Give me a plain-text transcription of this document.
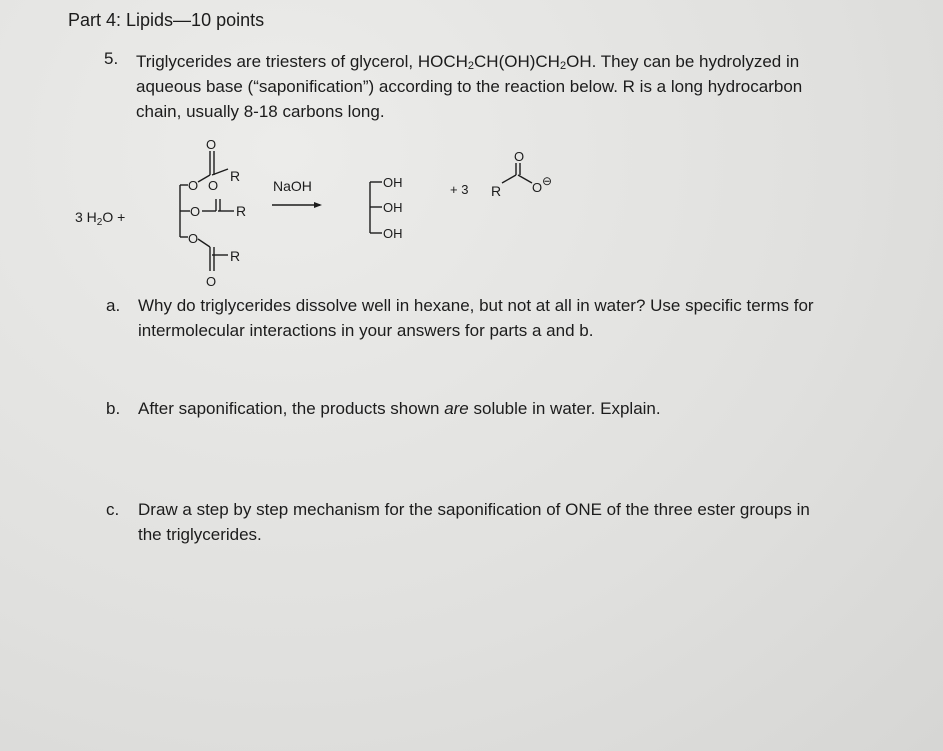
Part 4: Lipids—10 points
5. Triglycerides are triesters of glycerol, $HOCH_2CH(OH)CH_2OH$. They can be hydrolyzed in
aqueous base (“saponification”) according to the reaction below. R is a long hydrocarbon
chain, usually 8-18 carbons long.
3 $H_2O$ +
O
R
O O
O	R
O
R
O
NaOH	OH
OH
OH
+ 3 R
O
O ⊖
a. Why do triglycerides dissolve well in hexane, but not at all in water? Use specific terms for
intermolecular interactions in your answers for parts a and b.
b. After saponification, the products shown are soluble in water. Explain.
c. Draw a step by step mechanism for the saponification of ONE of the three ester groups in
the triglycerides.
